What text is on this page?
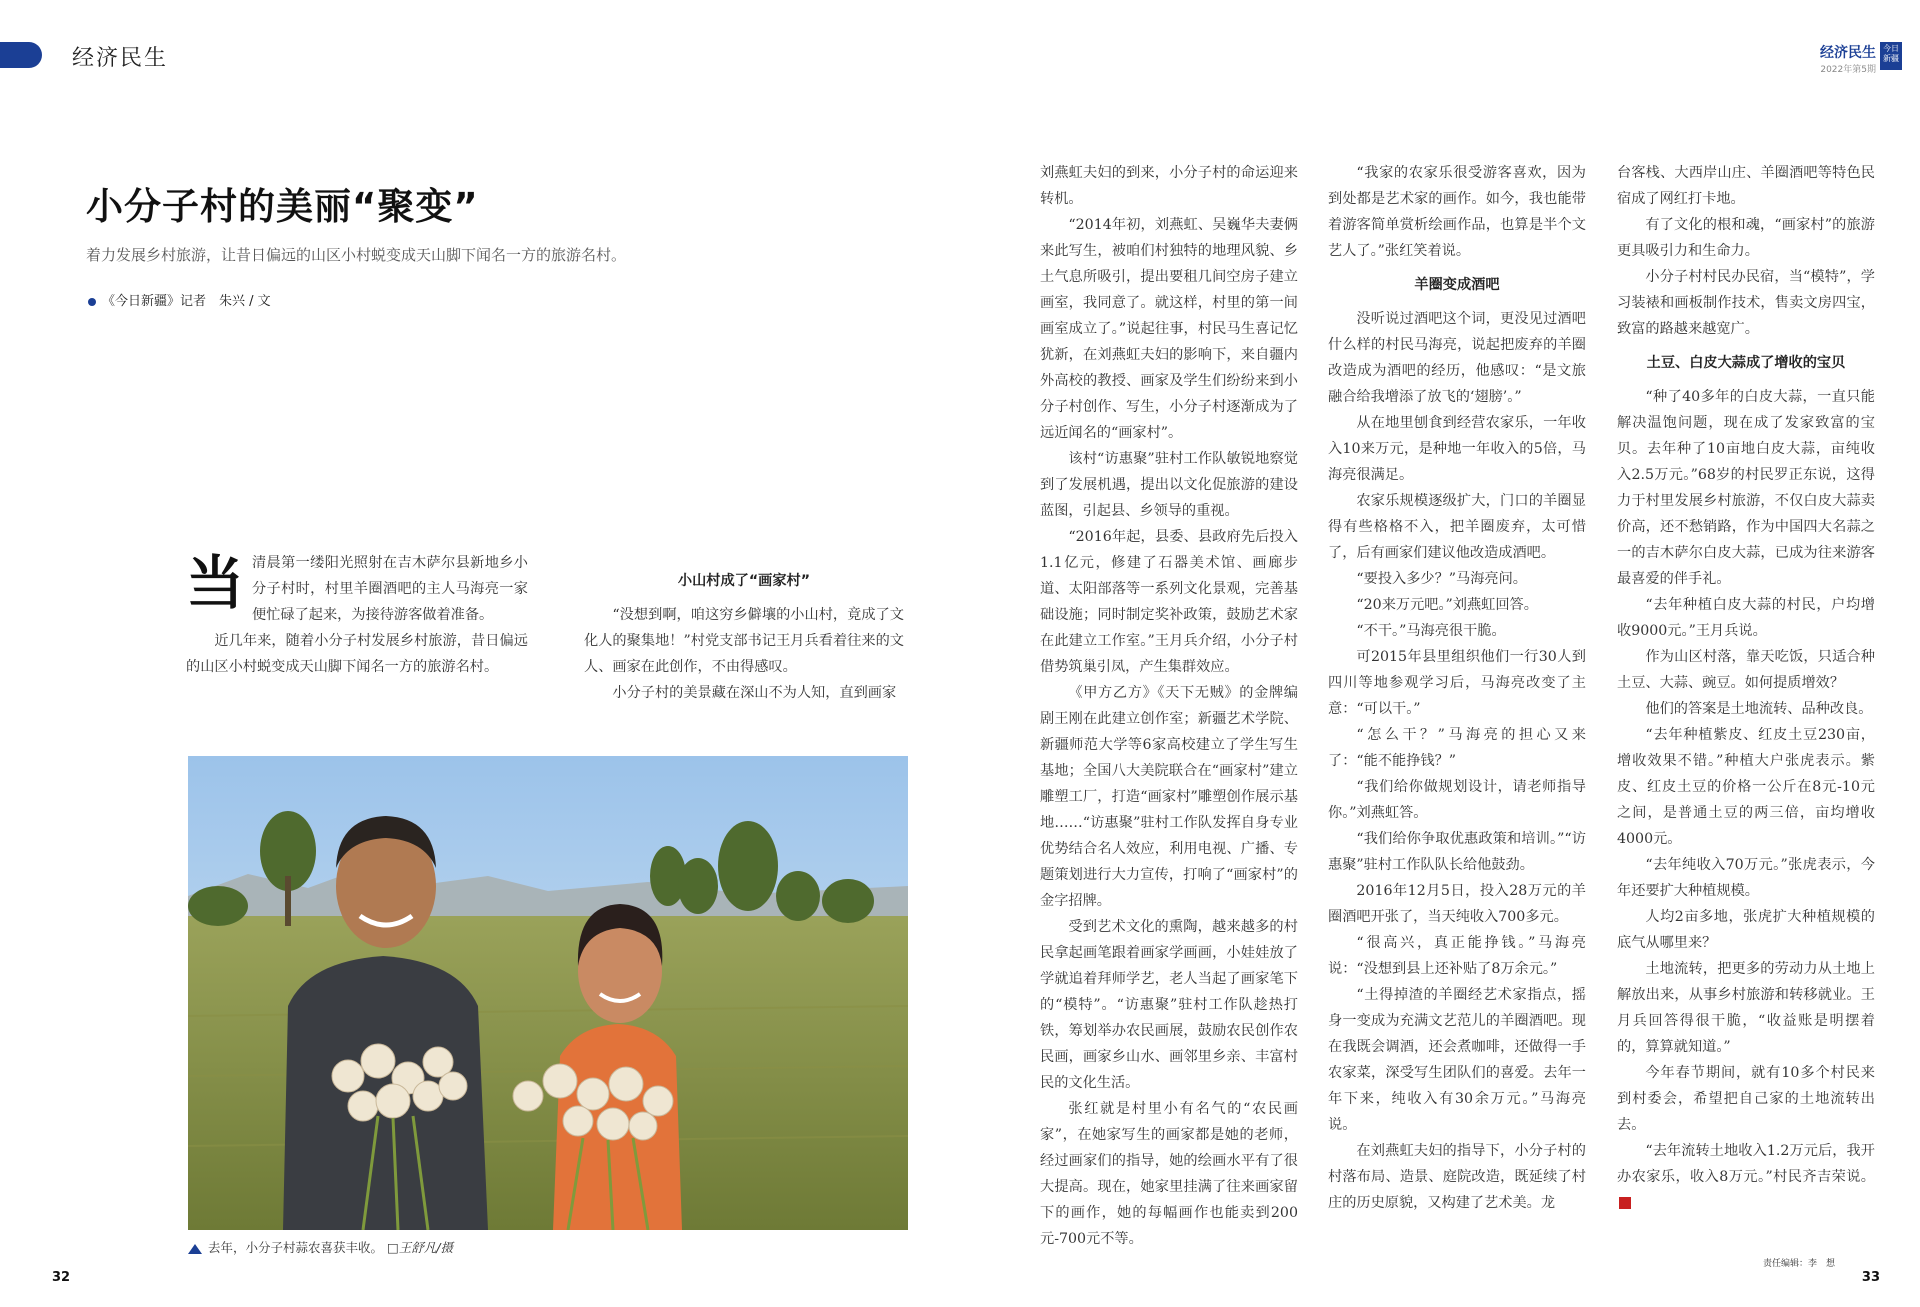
经济民生	经济民生
2022年第5期
今日新疆
小分子村的美丽“聚变”
着力发展乡村旅游，让昔日偏远的山区小村蜕变成天山脚下闻名一方的旅游名村。
《今日新疆》记者　朱兴 / 文
当 清晨第一缕阳光照射在吉木萨尔县新地乡小分子村时，村里羊圈酒吧的主人马海亮一家便忙碌了起来，为接待游客做着准备。

近几年来，随着小分子村发展乡村旅游，昔日偏远的山区小村蜕变成天山脚下闻名一方的旅游名村。

小山村成了“画家村”

“没想到啊，咱这穷乡僻壤的小山村，竟成了文化人的聚集地！”村党支部书记王月兵看着往来的文人、画家在此创作，不由得感叹。

小分子村的美景藏在深山不为人知，直到画家

去年，小分子村蒜农喜获丰收。 □王舒凡/摄

刘燕虹夫妇的到来，小分子村的命运迎来转机。

“2014年初，刘燕虹、吴巍华夫妻俩来此写生，被咱们村独特的地理风貌、乡土气息所吸引，提出要租几间空房子建立画室，我同意了。就这样，村里的第一间画室成立了。”说起往事，村民马生喜记忆犹新，在刘燕虹夫妇的影响下，来自疆内外高校的教授、画家及学生们纷纷来到小分子村创作、写生，小分子村逐渐成为了远近闻名的“画家村”。

该村“访惠聚”驻村工作队敏锐地察觉到了发展机遇，提出以文化促旅游的建设蓝图，引起县、乡领导的重视。

“2016年起，县委、县政府先后投入1.1亿元，修建了石器美术馆、画廊步道、太阳部落等一系列文化景观，完善基础设施；同时制定奖补政策，鼓励艺术家在此建立工作室。”王月兵介绍，小分子村借势筑巢引凤，产生集群效应。

《甲方乙方》《天下无贼》的金牌编剧王刚在此建立创作室；新疆艺术学院、新疆师范大学等6家高校建立了学生写生基地；全国八大美院联合在“画家村”建立雕塑工厂，打造“画家村”雕塑创作展示基地……“访惠聚”驻村工作队发挥自身专业优势结合名人效应，利用电视、广播、专题策划进行大力宣传，打响了“画家村”的金字招牌。

受到艺术文化的熏陶，越来越多的村民拿起画笔跟着画家学画画，小娃娃放了学就追着拜师学艺，老人当起了画家笔下的“模特”。“访惠聚”驻村工作队趁热打铁，筹划举办农民画展，鼓励农民创作农民画，画家乡山水、画邻里乡亲、丰富村民的文化生活。

张红就是村里小有名气的“农民画家”，在她家写生的画家都是她的老师，经过画家们的指导，她的绘画水平有了很大提高。现在，她家里挂满了往来画家留下的画作，她的每幅画作也能卖到200元-700元不等。

“我家的农家乐很受游客喜欢，因为到处都是艺术家的画作。如今，我也能带着游客简单赏析绘画作品，也算是半个文艺人了。”张红笑着说。

羊圈变成酒吧

没听说过酒吧这个词，更没见过酒吧什么样的村民马海亮，说起把废弃的羊圈改造成为酒吧的经历，他感叹：“是文旅融合给我增添了放飞的‘翅膀’。”

从在地里刨食到经营农家乐，一年收入10来万元，是种地一年收入的5倍，马海亮很满足。

农家乐规模逐级扩大，门口的羊圈显得有些格格不入，把羊圈废弃，太可惜了，后有画家们建议他改造成酒吧。

“要投入多少？”马海亮问。

“20来万元吧。”刘燕虹回答。

“不干。”马海亮很干脆。

可2015年县里组织他们一行30人到四川等地参观学习后，马海亮改变了主意：“可以干。”

“怎么干？”马海亮的担心又来了：“能不能挣钱？”

“我们给你做规划设计，请老师指导你。”刘燕虹答。

“我们给你争取优惠政策和培训。”“访惠聚”驻村工作队队长给他鼓劲。

2016年12月5日，投入28万元的羊圈酒吧开张了，当天纯收入700多元。

“很高兴，真正能挣钱。”马海亮说：“没想到县上还补贴了8万余元。”

“土得掉渣的羊圈经艺术家指点，摇身一变成为充满文艺范儿的羊圈酒吧。现在我既会调酒，还会煮咖啡，还做得一手农家菜，深受写生团队们的喜爱。去年一年下来，纯收入有30余万元。”马海亮说。

在刘燕虹夫妇的指导下，小分子村的村落布局、造景、庭院改造，既延续了村庄的历史原貌，又构建了艺术美。龙

台客栈、大西岸山庄、羊圈酒吧等特色民宿成了网红打卡地。

有了文化的根和魂，“画家村”的旅游更具吸引力和生命力。

小分子村村民办民宿，当“模特”，学习装裱和画板制作技术，售卖文房四宝，致富的路越来越宽广。

土豆、白皮大蒜成了增收的宝贝

“种了40多年的白皮大蒜，一直只能解决温饱问题，现在成了发家致富的宝贝。去年种了10亩地白皮大蒜，亩纯收入2.5万元。”68岁的村民罗正东说，这得力于村里发展乡村旅游，不仅白皮大蒜卖价高，还不愁销路，作为中国四大名蒜之一的吉木萨尔白皮大蒜，已成为往来游客最喜爱的伴手礼。

“去年种植白皮大蒜的村民，户均增收9000元。”王月兵说。

作为山区村落，靠天吃饭，只适合种土豆、大蒜、豌豆。如何提质增效？

他们的答案是土地流转、品种改良。

“去年种植紫皮、红皮土豆230亩，增收效果不错。”种植大户张虎表示。紫皮、红皮土豆的价格一公斤在8元-10元之间，是普通土豆的两三倍，亩均增收4000元。

“去年纯收入70万元。”张虎表示，今年还要扩大种植规模。

人均2亩多地，张虎扩大种植规模的底气从哪里来？

土地流转，把更多的劳动力从土地上解放出来，从事乡村旅游和转移就业。王月兵回答得很干脆，“收益账是明摆着的，算算就知道。”

今年春节期间，就有10多个村民来到村委会，希望把自己家的土地流转出去。

“去年流转土地收入1.2万元后，我开办农家乐，收入8万元。”村民齐吉荣说。

32
责任编辑：李　想
33
